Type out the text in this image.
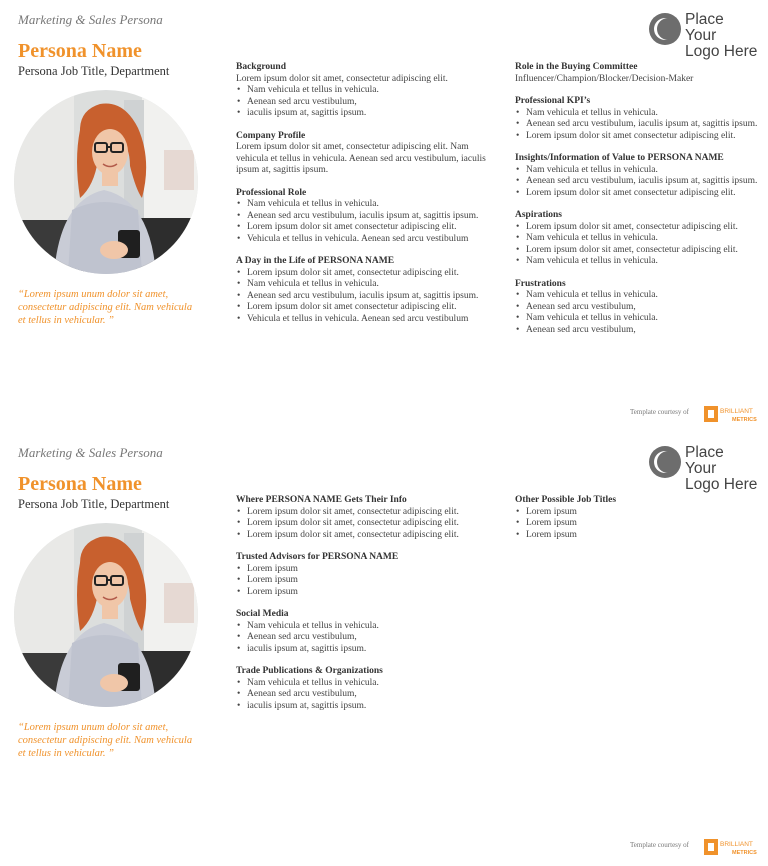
Marketing & Sales Persona
Persona Name
Persona Job Title, Department
“Lorem ipsum unum dolor sit amet, consectetur adipiscing elit. Nam vehicula et tellus in vehicular. ”
Background

Lorem ipsum dolor sit amet, consectetur adipiscing elit.

• Nam vehicula et tellus in vehicula.
• Aenean sed arcu vestibulum,
• iaculis ipsum at, sagittis ipsum.
Company Profile

Lorem ipsum dolor sit amet, consectetur adipiscing elit. Nam vehicula et tellus in vehicula. Aenean sed arcu vestibulum, iaculis ipsum at, sagittis ipsum.

Professional Role
• Nam vehicula et tellus in vehicula.
• Aenean sed arcu vestibulum, iaculis ipsum at, sagittis ipsum.
• Lorem ipsum dolor sit amet consectetur adipiscing elit.
• Vehicula et tellus in vehicula. Aenean sed arcu vestibulum
A Day in the Life of PERSONA NAME
• Lorem ipsum dolor sit amet, consectetur adipiscing elit.
• Nam vehicula et tellus in vehicula.
• Aenean sed arcu vestibulum, iaculis ipsum at, sagittis ipsum.
• Lorem ipsum dolor sit amet consectetur adipiscing elit.
• Vehicula et tellus in vehicula. Aenean sed arcu vestibulum
Role in the Buying Committee

Influencer/Champion/Blocker/Decision-Maker

Professional KPI’s
• Nam vehicula et tellus in vehicula.
• Aenean sed arcu vestibulum, iaculis ipsum at, sagittis ipsum.
• Lorem ipsum dolor sit amet consectetur adipiscing elit.
Insights/Information of Value to PERSONA NAME
• Nam vehicula et tellus in vehicula.
• Aenean sed arcu vestibulum, iaculis ipsum at, sagittis ipsum.
• Lorem ipsum dolor sit amet consectetur adipiscing elit.
Aspirations
• Lorem ipsum dolor sit amet, consectetur adipiscing elit.
• Nam vehicula et tellus in vehicula.
• Lorem ipsum dolor sit amet, consectetur adipiscing elit.
• Nam vehicula et tellus in vehicula.
Frustrations
• Nam vehicula et tellus in vehicula.
• Aenean sed arcu vestibulum,
• Nam vehicula et tellus in vehicula.
• Aenean sed arcu vestibulum,
Place Your
Logo Here
Template courtesy of	BRILLIANT
METRICS
Marketing & Sales Persona
Persona Name
Persona Job Title, Department
“Lorem ipsum unum dolor sit amet, consectetur adipiscing elit. Nam vehicula et tellus in vehicular. ”
Where PERSONA NAME Gets Their Info
• Lorem ipsum dolor sit amet, consectetur adipiscing elit.
• Lorem ipsum dolor sit amet, consectetur adipiscing elit.
• Lorem ipsum dolor sit amet, consectetur adipiscing elit.
Trusted Advisors for PERSONA NAME
• Lorem ipsum
• Lorem ipsum
• Lorem ipsum
Social Media
• Nam vehicula et tellus in vehicula.
• Aenean sed arcu vestibulum,
• iaculis ipsum at, sagittis ipsum.
Trade Publications & Organizations
• Nam vehicula et tellus in vehicula.
• Aenean sed arcu vestibulum,
• iaculis ipsum at, sagittis ipsum.
Other Possible Job Titles
• Lorem ipsum
• Lorem ipsum
• Lorem ipsum
Place Your
Logo Here
Template courtesy of	BRILLIANT
METRICS
